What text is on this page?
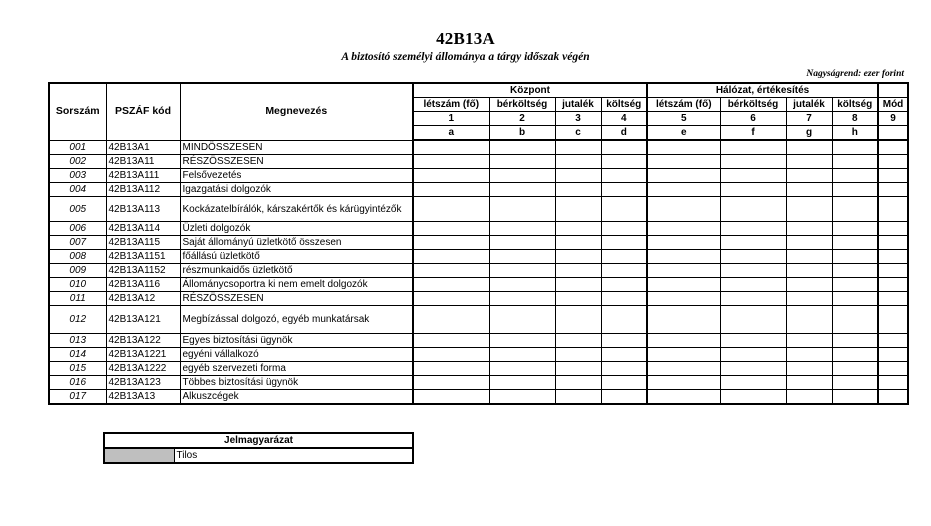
42B13A
A biztosító személyi állománya a tárgy időszak végén
Nagyságrend: ezer forint
Sorszám	PSZÁF kód	Megnevezés	Központ				Hálózat, értékesítés				
			létszám (fő)	bérköltség	jutalék	költség	létszám (fő)	bérköltség	jutalék	költség	Mód
			1	2	3	4	5	6	7	8	9
			a	b	c	d	e	f	g	h	
001	42B13A1	MINDÖSSZESEN									
002	42B13A11	RÉSZÖSSZESEN									
003	42B13A111	Felsővezetés									
004	42B13A112	Igazgatási dolgozók									
005	42B13A113	Kockázatelbírálók, kárszakértők és kárügyintézők									
006	42B13A114	Üzleti dolgozók									
007	42B13A115	Saját állományú üzletkötő összesen									
008	42B13A1151	főállású üzletkötő									
009	42B13A1152	részmunkaidős üzletkötő									
010	42B13A116	Állománycsoportra ki nem emelt dolgozók									
011	42B13A12	RÉSZÖSSZESEN									
012	42B13A121	Megbízással dolgozó, egyéb munkatársak									
013	42B13A122	Egyes biztosítási ügynök									
014	42B13A1221	egyéni vállalkozó									
015	42B13A1222	egyéb szervezeti forma									
016	42B13A123	Többes biztosítási ügynök									
017	42B13A13	Alkuszcégek									
Jelmagyarázat
	Tilos
